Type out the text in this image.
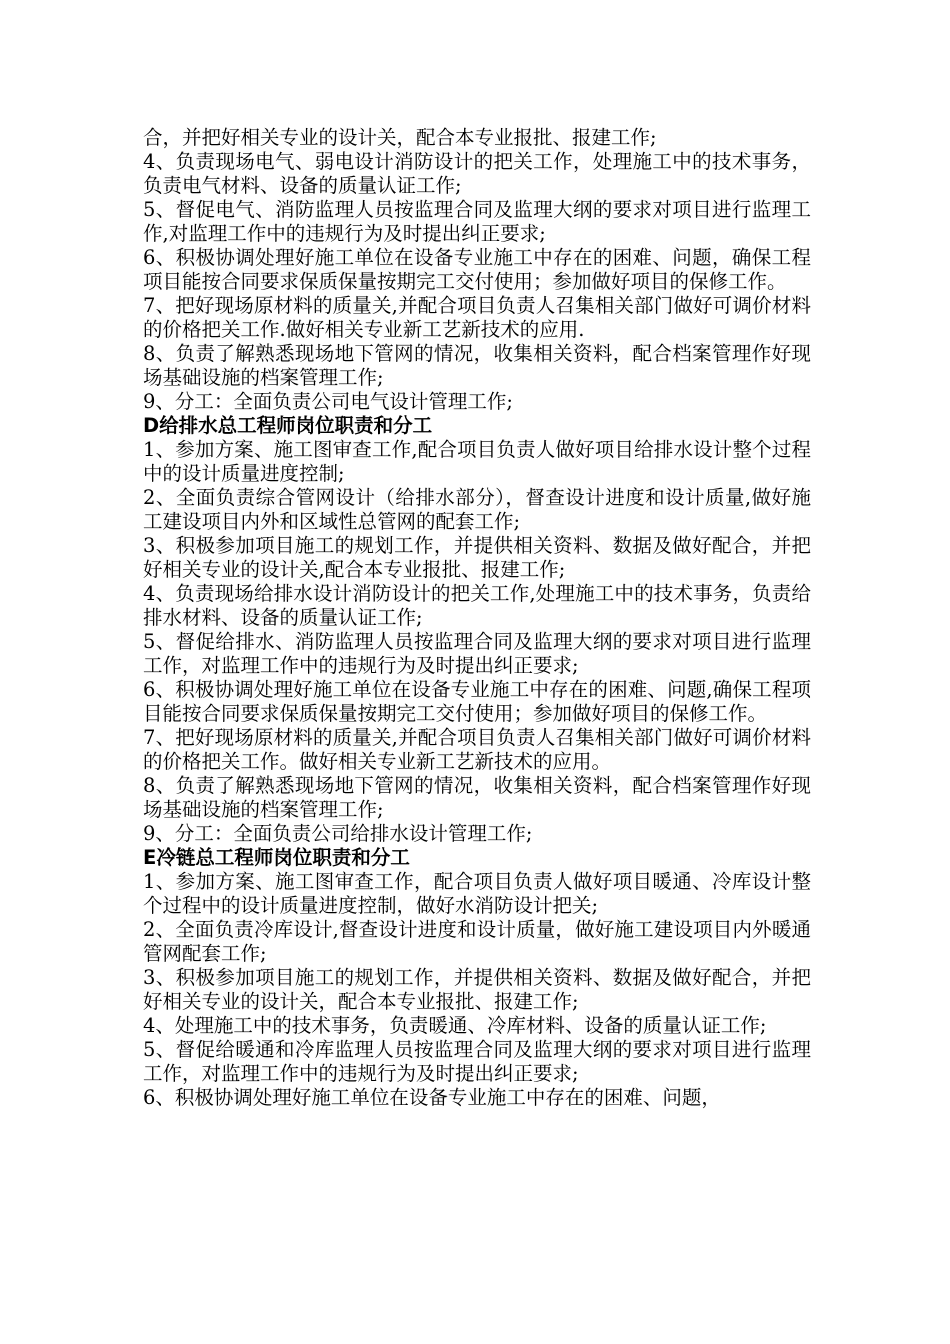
合，并把好相关专业的设计关，配合本专业报批、报建工作;

4、负责现场电气、弱电设计消防设计的把关工作，处理施工中的技术事务，负责电气材料、设备的质量认证工作;

5、督促电气、消防监理人员按监理合同及监理大纲的要求对项目进行监理工作,对监理工作中的违规行为及时提出纠正要求;

6、积极协调处理好施工单位在设备专业施工中存在的困难、问题，确保工程项目能按合同要求保质保量按期完工交付使用；参加做好项目的保修工作。

7、把好现场原材料的质量关,并配合项目负责人召集相关部门做好可调价材料的价格把关工作.做好相关专业新工艺新技术的应用.

8、负责了解熟悉现场地下管网的情况，收集相关资料，配合档案管理作好现场基础设施的档案管理工作;

9、分工：全面负责公司电气设计管理工作;

D给排水总工程师岗位职责和分工

1、参加方案、施工图审查工作,配合项目负责人做好项目给排水设计整个过程中的设计质量进度控制;

2、全面负责综合管网设计（给排水部分），督查设计进度和设计质量,做好施工建设项目内外和区域性总管网的配套工作;

3、积极参加项目施工的规划工作，并提供相关资料、数据及做好配合，并把好相关专业的设计关,配合本专业报批、报建工作;

4、负责现场给排水设计消防设计的把关工作,处理施工中的技术事务，负责给排水材料、设备的质量认证工作;

5、督促给排水、消防监理人员按监理合同及监理大纲的要求对项目进行监理工作，对监理工作中的违规行为及时提出纠正要求;

6、积极协调处理好施工单位在设备专业施工中存在的困难、问题,确保工程项目能按合同要求保质保量按期完工交付使用；参加做好项目的保修工作。

7、把好现场原材料的质量关,并配合项目负责人召集相关部门做好可调价材料的价格把关工作。做好相关专业新工艺新技术的应用。

8、负责了解熟悉现场地下管网的情况，收集相关资料，配合档案管理作好现场基础设施的档案管理工作;

9、分工：全面负责公司给排水设计管理工作;

E冷链总工程师岗位职责和分工

1、参加方案、施工图审查工作，配合项目负责人做好项目暖通、冷库设计整个过程中的设计质量进度控制，做好水消防设计把关;

2、全面负责冷库设计,督查设计进度和设计质量，做好施工建设项目内外暖通管网配套工作;

3、积极参加项目施工的规划工作，并提供相关资料、数据及做好配合，并把好相关专业的设计关，配合本专业报批、报建工作;

4、处理施工中的技术事务，负责暖通、冷库材料、设备的质量认证工作;

5、督促给暖通和冷库监理人员按监理合同及监理大纲的要求对项目进行监理工作，对监理工作中的违规行为及时提出纠正要求;

6、积极协调处理好施工单位在设备专业施工中存在的困难、问题，
